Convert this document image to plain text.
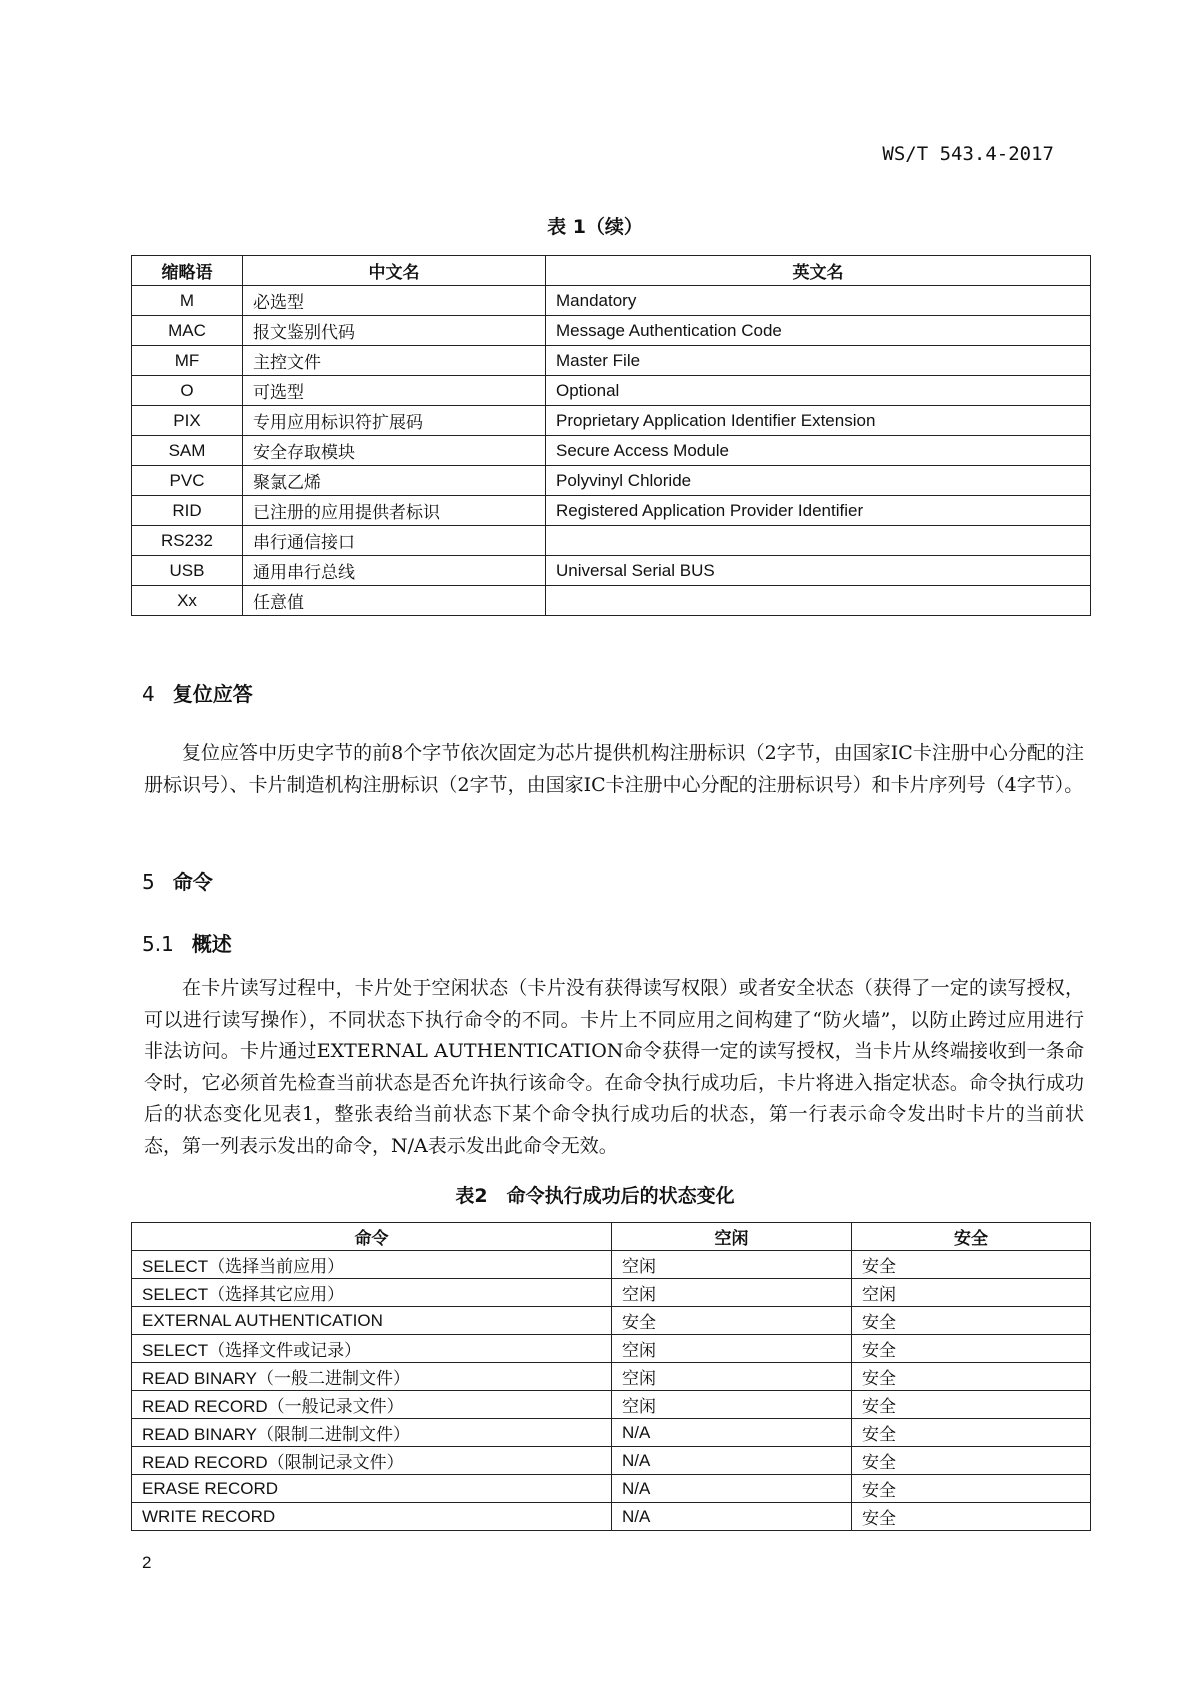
WS/T 543.4-2017
表 1（续）
缩略语	中文名	英文名
M	必选型	Mandatory
MAC	报文鉴别代码	Message Authentication Code
MF	主控文件	Master File
O	可选型	Optional
PIX	专用应用标识符扩展码	Proprietary Application Identifier Extension
SAM	安全存取模块	Secure Access Module
PVC	聚氯乙烯	Polyvinyl Chloride
RID	已注册的应用提供者标识	Registered Application Provider Identifier
RS232	串行通信接口	
USB	通用串行总线	Universal Serial BUS
Xx	任意值	
4 复位应答
复位应答中历史字节的前8个字节依次固定为芯片提供机构注册标识（2字节，由国家IC卡注册中心分配的注册标识号）、卡片制造机构注册标识（2字节，由国家IC卡注册中心分配的注册标识号）和卡片序列号（4字节）。
5 命令
5.1 概述
在卡片读写过程中，卡片处于空闲状态（卡片没有获得读写权限）或者安全状态（获得了一定的读写授权，可以进行读写操作），不同状态下执行命令的不同。卡片上不同应用之间构建了“防火墙”，以防止跨过应用进行非法访问。卡片通过EXTERNAL AUTHENTICATION命令获得一定的读写授权，当卡片从终端接收到一条命令时，它必须首先检查当前状态是否允许执行该命令。在命令执行成功后，卡片将进入指定状态。命令执行成功后的状态变化见表1，整张表给当前状态下某个命令执行成功后的状态，第一行表示命令发出时卡片的当前状态，第一列表示发出的命令，N/A表示发出此命令无效。
表2　命令执行成功后的状态变化
命令	空闲	安全
SELECT（选择当前应用）	空闲	安全
SELECT（选择其它应用）	空闲	空闲
EXTERNAL AUTHENTICATION	安全	安全
SELECT（选择文件或记录）	空闲	安全
READ BINARY（一般二进制文件）	空闲	安全
READ RECORD（一般记录文件）	空闲	安全
READ BINARY（限制二进制文件）	N/A	安全
READ RECORD（限制记录文件）	N/A	安全
ERASE RECORD	N/A	安全
WRITE RECORD	N/A	安全
2
